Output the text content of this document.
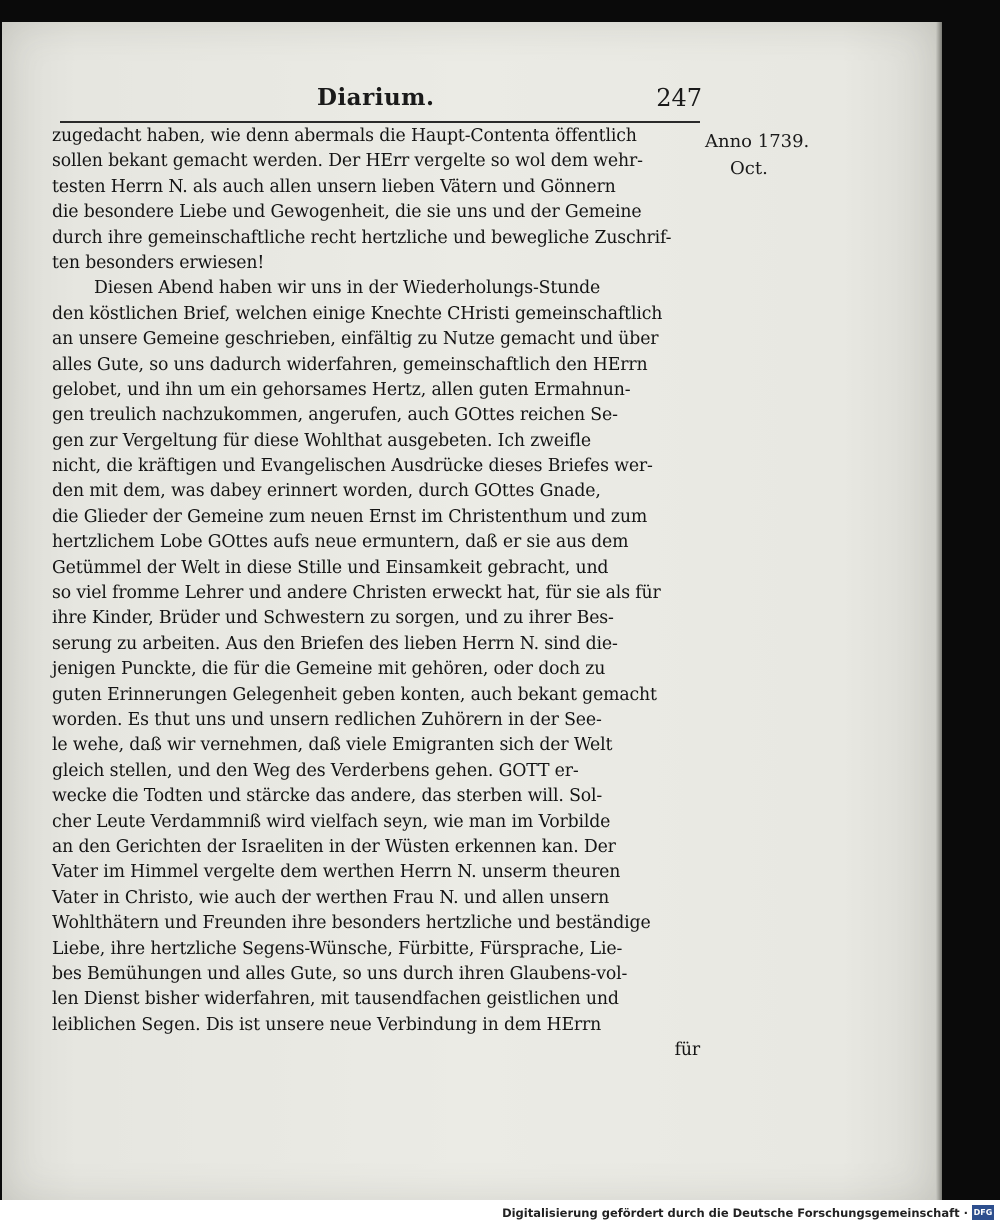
Diarium.	247
Anno 1739.
Oct.
zugedacht haben, wie denn abermals die Haupt-Contenta öffentlich
sollen bekant gemacht werden. Der HErr vergelte so wol dem wehr-
testen Herrn N. als auch allen unsern lieben Vätern und Gönnern
die besondere Liebe und Gewogenheit, die sie uns und der Gemeine
durch ihre gemeinschaftliche recht hertzliche und bewegliche Zuschrif-
ten besonders erwiesen!
Diesen Abend haben wir uns in der Wiederholungs-Stunde
den köstlichen Brief, welchen einige Knechte CHristi gemeinschaftlich
an unsere Gemeine geschrieben, einfältig zu Nutze gemacht und über
alles Gute, so uns dadurch widerfahren, gemeinschaftlich den HErrn
gelobet, und ihn um ein gehorsames Hertz, allen guten Ermahnun-
gen treulich nachzukommen, angerufen, auch GOttes reichen Se-
gen zur Vergeltung für diese Wohlthat ausgebeten. Ich zweifle
nicht, die kräftigen und Evangelischen Ausdrücke dieses Briefes wer-
den mit dem, was dabey erinnert worden, durch GOttes Gnade,
die Glieder der Gemeine zum neuen Ernst im Christenthum und zum
hertzlichem Lobe GOttes aufs neue ermuntern, daß er sie aus dem
Getümmel der Welt in diese Stille und Einsamkeit gebracht, und
so viel fromme Lehrer und andere Christen erweckt hat, für sie als für
ihre Kinder, Brüder und Schwestern zu sorgen, und zu ihrer Bes-
serung zu arbeiten. Aus den Briefen des lieben Herrn N. sind die-
jenigen Punckte, die für die Gemeine mit gehören, oder doch zu
guten Erinnerungen Gelegenheit geben konten, auch bekant gemacht
worden. Es thut uns und unsern redlichen Zuhörern in der See-
le wehe, daß wir vernehmen, daß viele Emigranten sich der Welt
gleich stellen, und den Weg des Verderbens gehen. GOTT er-
wecke die Todten und stärcke das andere, das sterben will. Sol-
cher Leute Verdammniß wird vielfach seyn, wie man im Vorbilde
an den Gerichten der Israeliten in der Wüsten erkennen kan. Der
Vater im Himmel vergelte dem werthen Herrn N. unserm theuren
Vater in Christo, wie auch der werthen Frau N. und allen unsern
Wohlthätern und Freunden ihre besonders hertzliche und beständige
Liebe, ihre hertzliche Segens-Wünsche, Fürbitte, Fürsprache, Lie-
bes Bemühungen und alles Gute, so uns durch ihren Glaubens-vol-
len Dienst bisher widerfahren, mit tausendfachen geistlichen und
leiblichen Segen. Dis ist unsere neue Verbindung in dem HErrn
für
Digitalisierung gefördert durch die Deutsche Forschungsgemeinschaft · DFG
